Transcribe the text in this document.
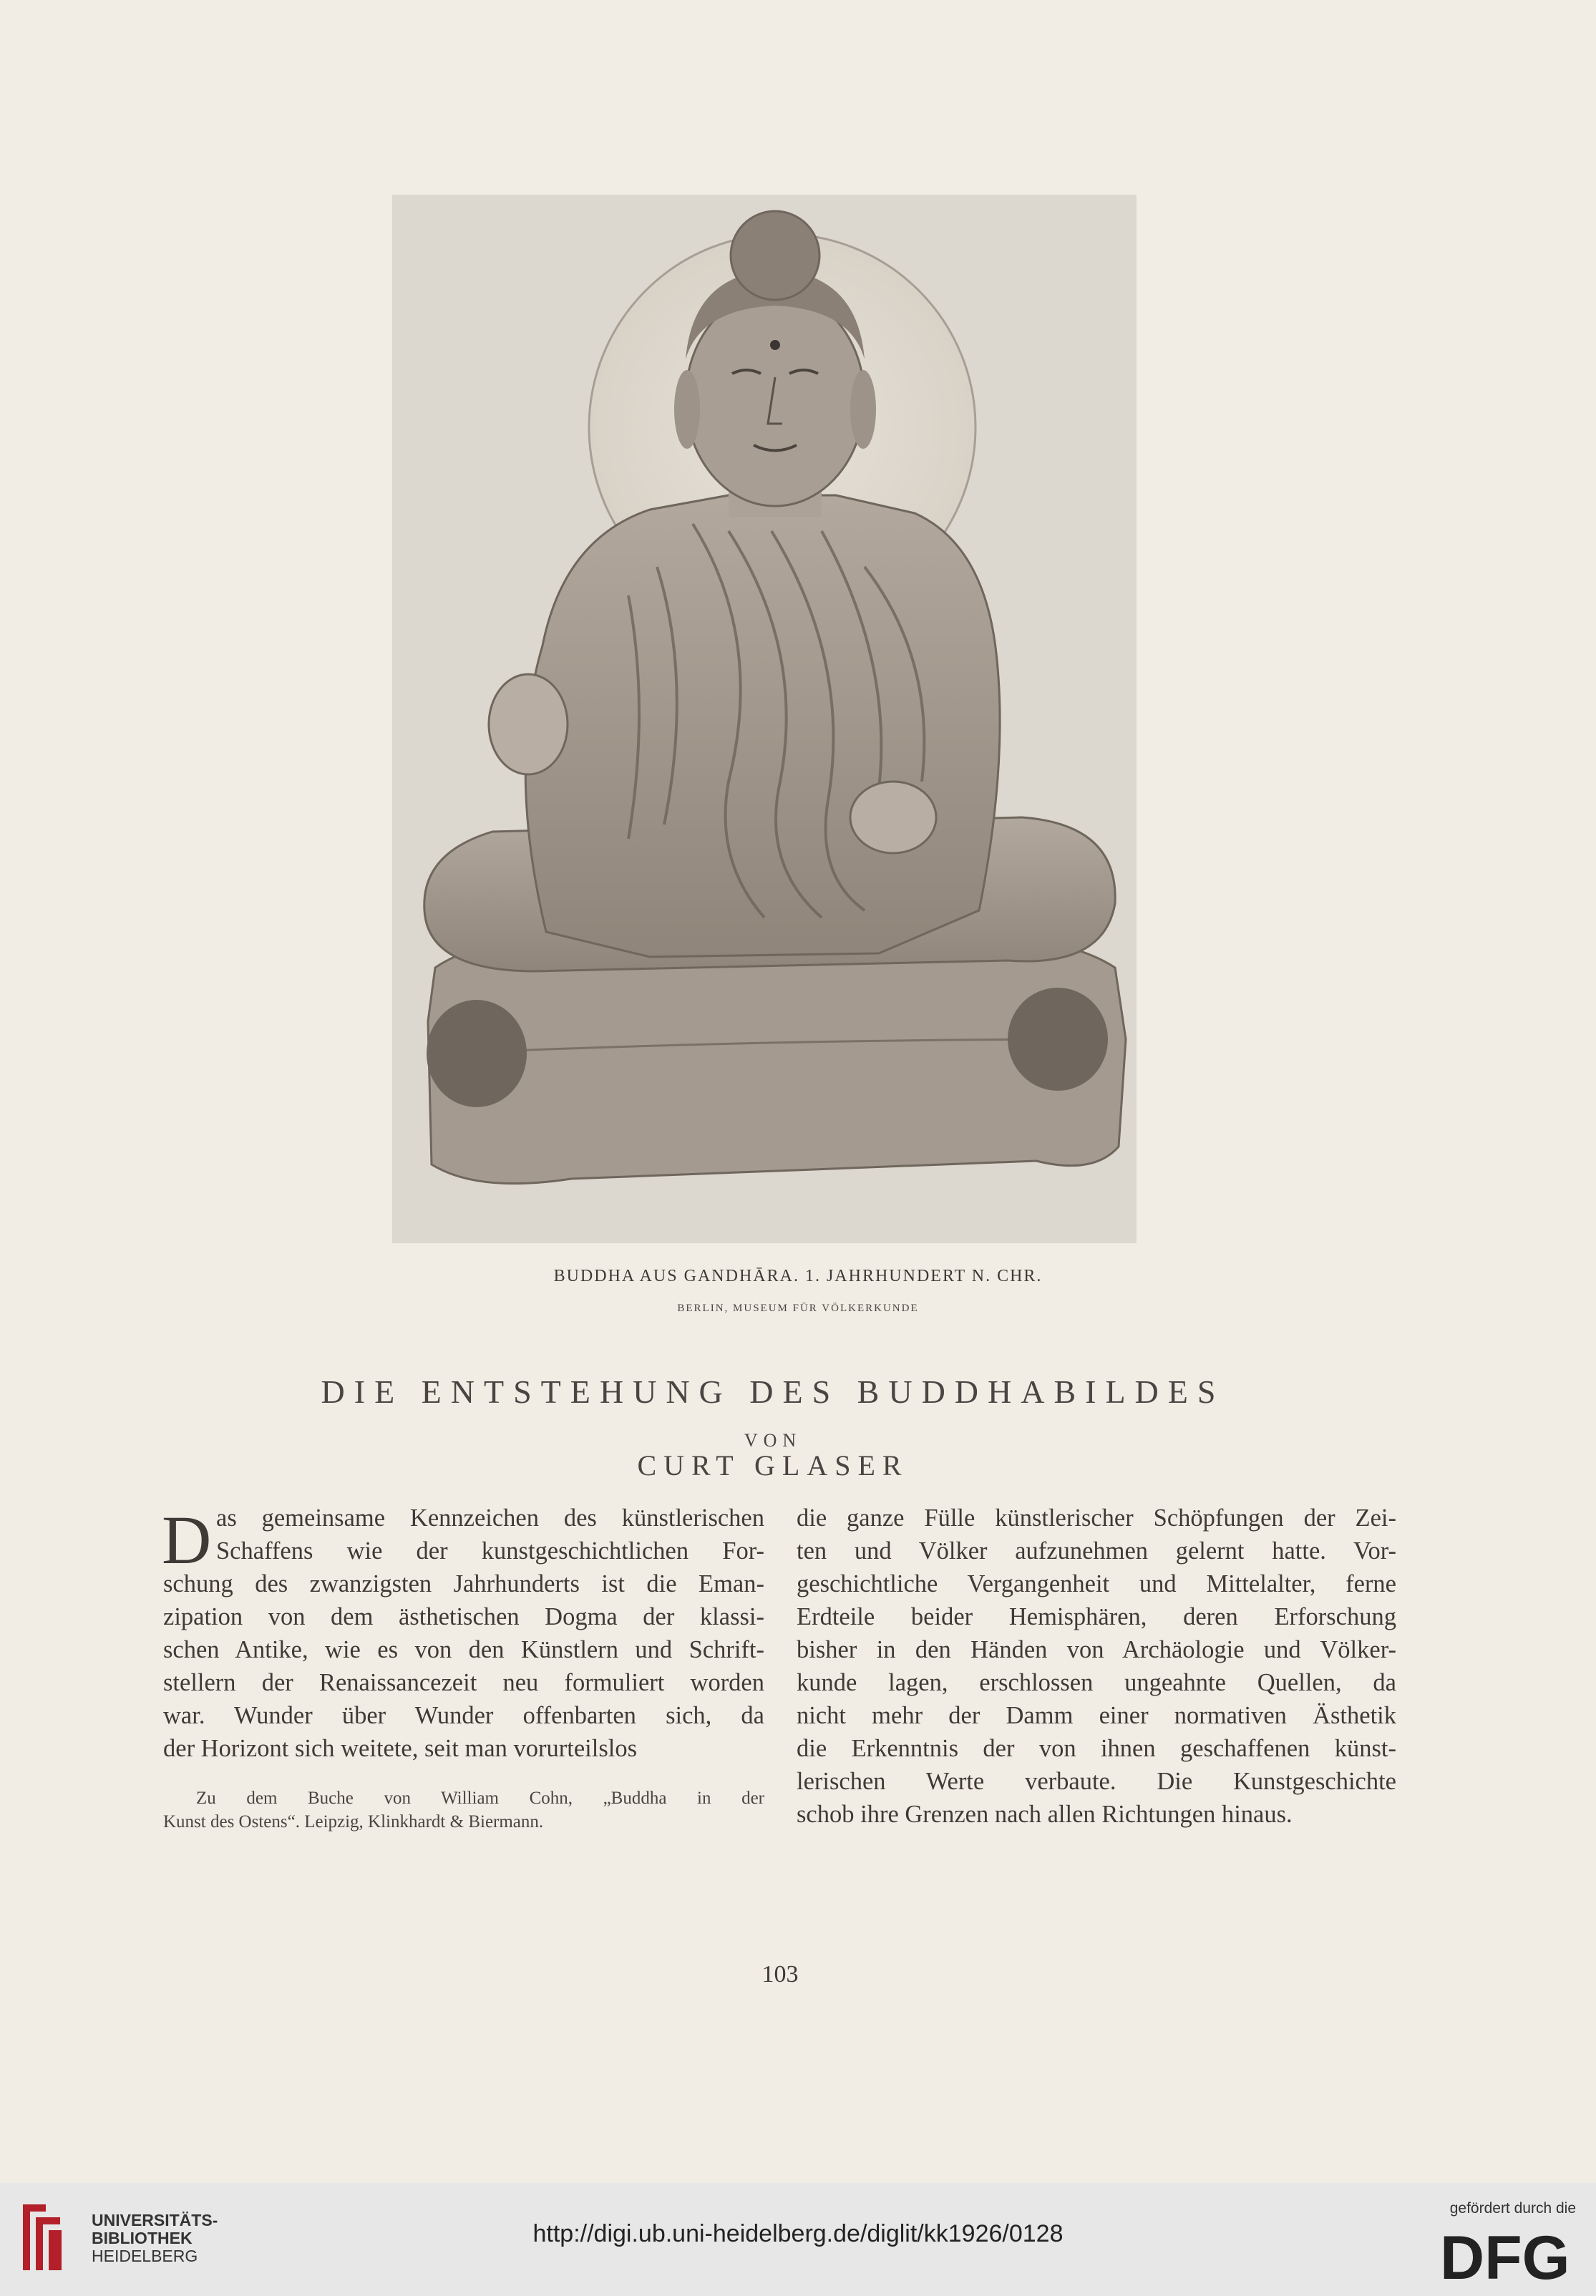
BUDDHA AUS GANDHĀRA. 1. JAHRHUNDERT N. CHR.
BERLIN, MUSEUM FÜR VÖLKERKUNDE
DIE ENTSTEHUNG DES BUDDHABILDES
VON
CURT GLASER
D as gemeinsame Kennzeichen des künstlerischen
Schaffens wie der kunstgeschichtlichen For-
schung des zwanzigsten Jahrhunderts ist die Eman-
zipation von dem ästhetischen Dogma der klassi-
schen Antike, wie es von den Künstlern und Schrift-
stellern der Renaissancezeit neu formuliert worden
war. Wunder über Wunder offenbarten sich, da
der Horizont sich weitete, seit man vorurteilslos
Zu dem Buche von William Cohn, „Buddha in der
Kunst des Ostens“. Leipzig, Klinkhardt & Biermann.
die ganze Fülle künstlerischer Schöpfungen der Zei-
ten und Völker aufzunehmen gelernt hatte. Vor-
geschichtliche Vergangenheit und Mittelalter, ferne
Erdteile beider Hemisphären, deren Erforschung
bisher in den Händen von Archäologie und Völker-
kunde lagen, erschlossen ungeahnte Quellen, da
nicht mehr der Damm einer normativen Ästhetik
die Erkenntnis der von ihnen geschaffenen künst-
lerischen Werte verbaute. Die Kunstgeschichte
schob ihre Grenzen nach allen Richtungen hinaus.
103
UNIVERSITÄTS-
BIBLIOTHEK
HEIDELBERG
http://digi.ub.uni-heidelberg.de/diglit/kk1926/0128
gefördert durch die
DFG
